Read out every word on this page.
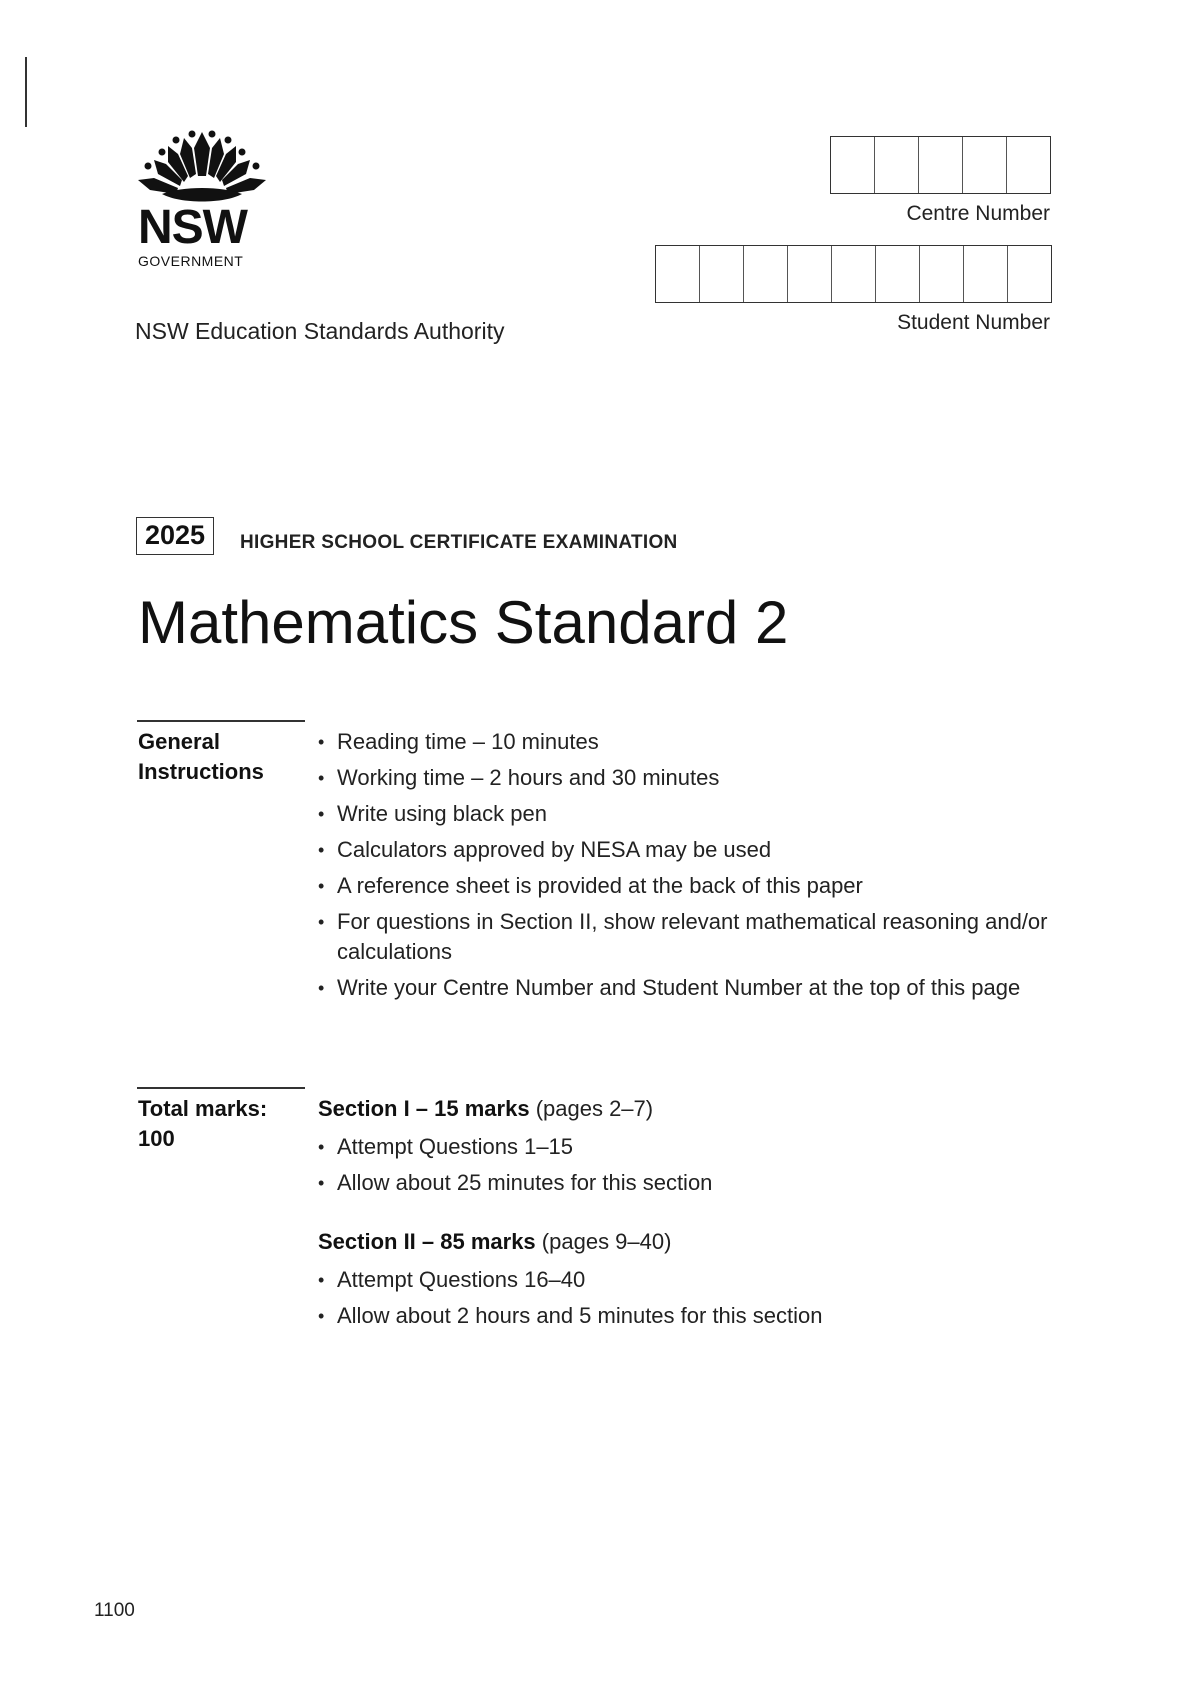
NSW
GOVERNMENT
NSW Education Standards Authority
Centre Number
Student Number
2025	HIGHER SCHOOL CERTIFICATE EXAMINATION
Mathematics Standard 2
General
Instructions
• Reading time – 10 minutes
• Working time – 2 hours and 30 minutes
• Write using black pen
• Calculators approved by NESA may be used
• A reference sheet is provided at the back of this paper
• For questions in Section II, show relevant mathematical reasoning and/or calculations
• Write your Centre Number and Student Number at the top of this page
Total marks:
100
Section I – 15 marks (pages 2–7)
• Attempt Questions 1–15
• Allow about 25 minutes for this section
Section II – 85 marks (pages 9–40)
• Attempt Questions 16–40
• Allow about 2 hours and 5 minutes for this section
1100
